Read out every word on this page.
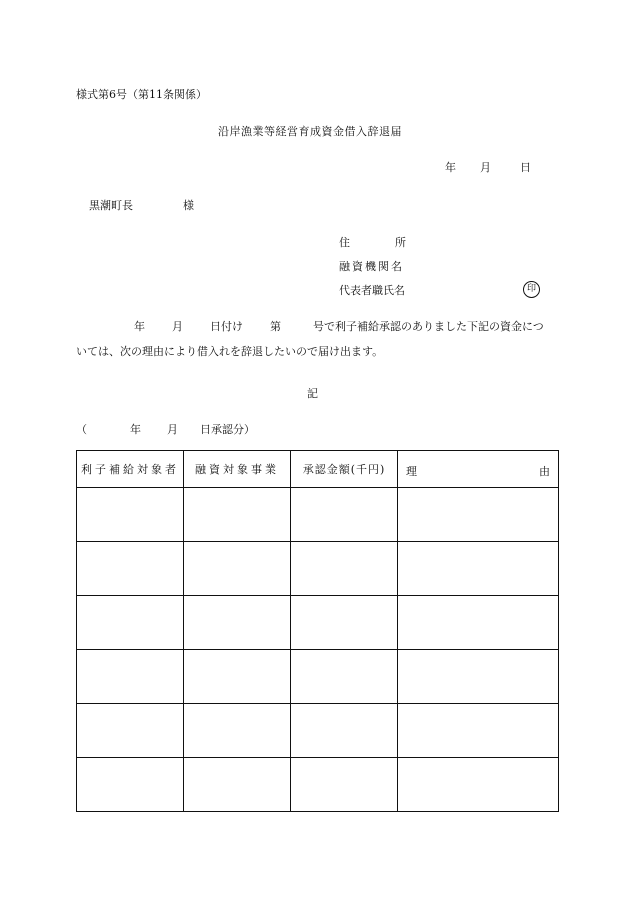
様式第6号（第11条関係）
沿岸漁業等経営育成資金借入辞退届
年 月	日
黒潮町長	様
住	所
融資機関名
代表者職氏名	印
年 月 日付け 第	号で利子補給承認のありました下記の資金につ
いては、次の理由により借入れを辞退したいので届け出ます。
記
（	年 月 日承認分）
利子補給対象者	融資対象事業	承認金額(千円)	理 由
